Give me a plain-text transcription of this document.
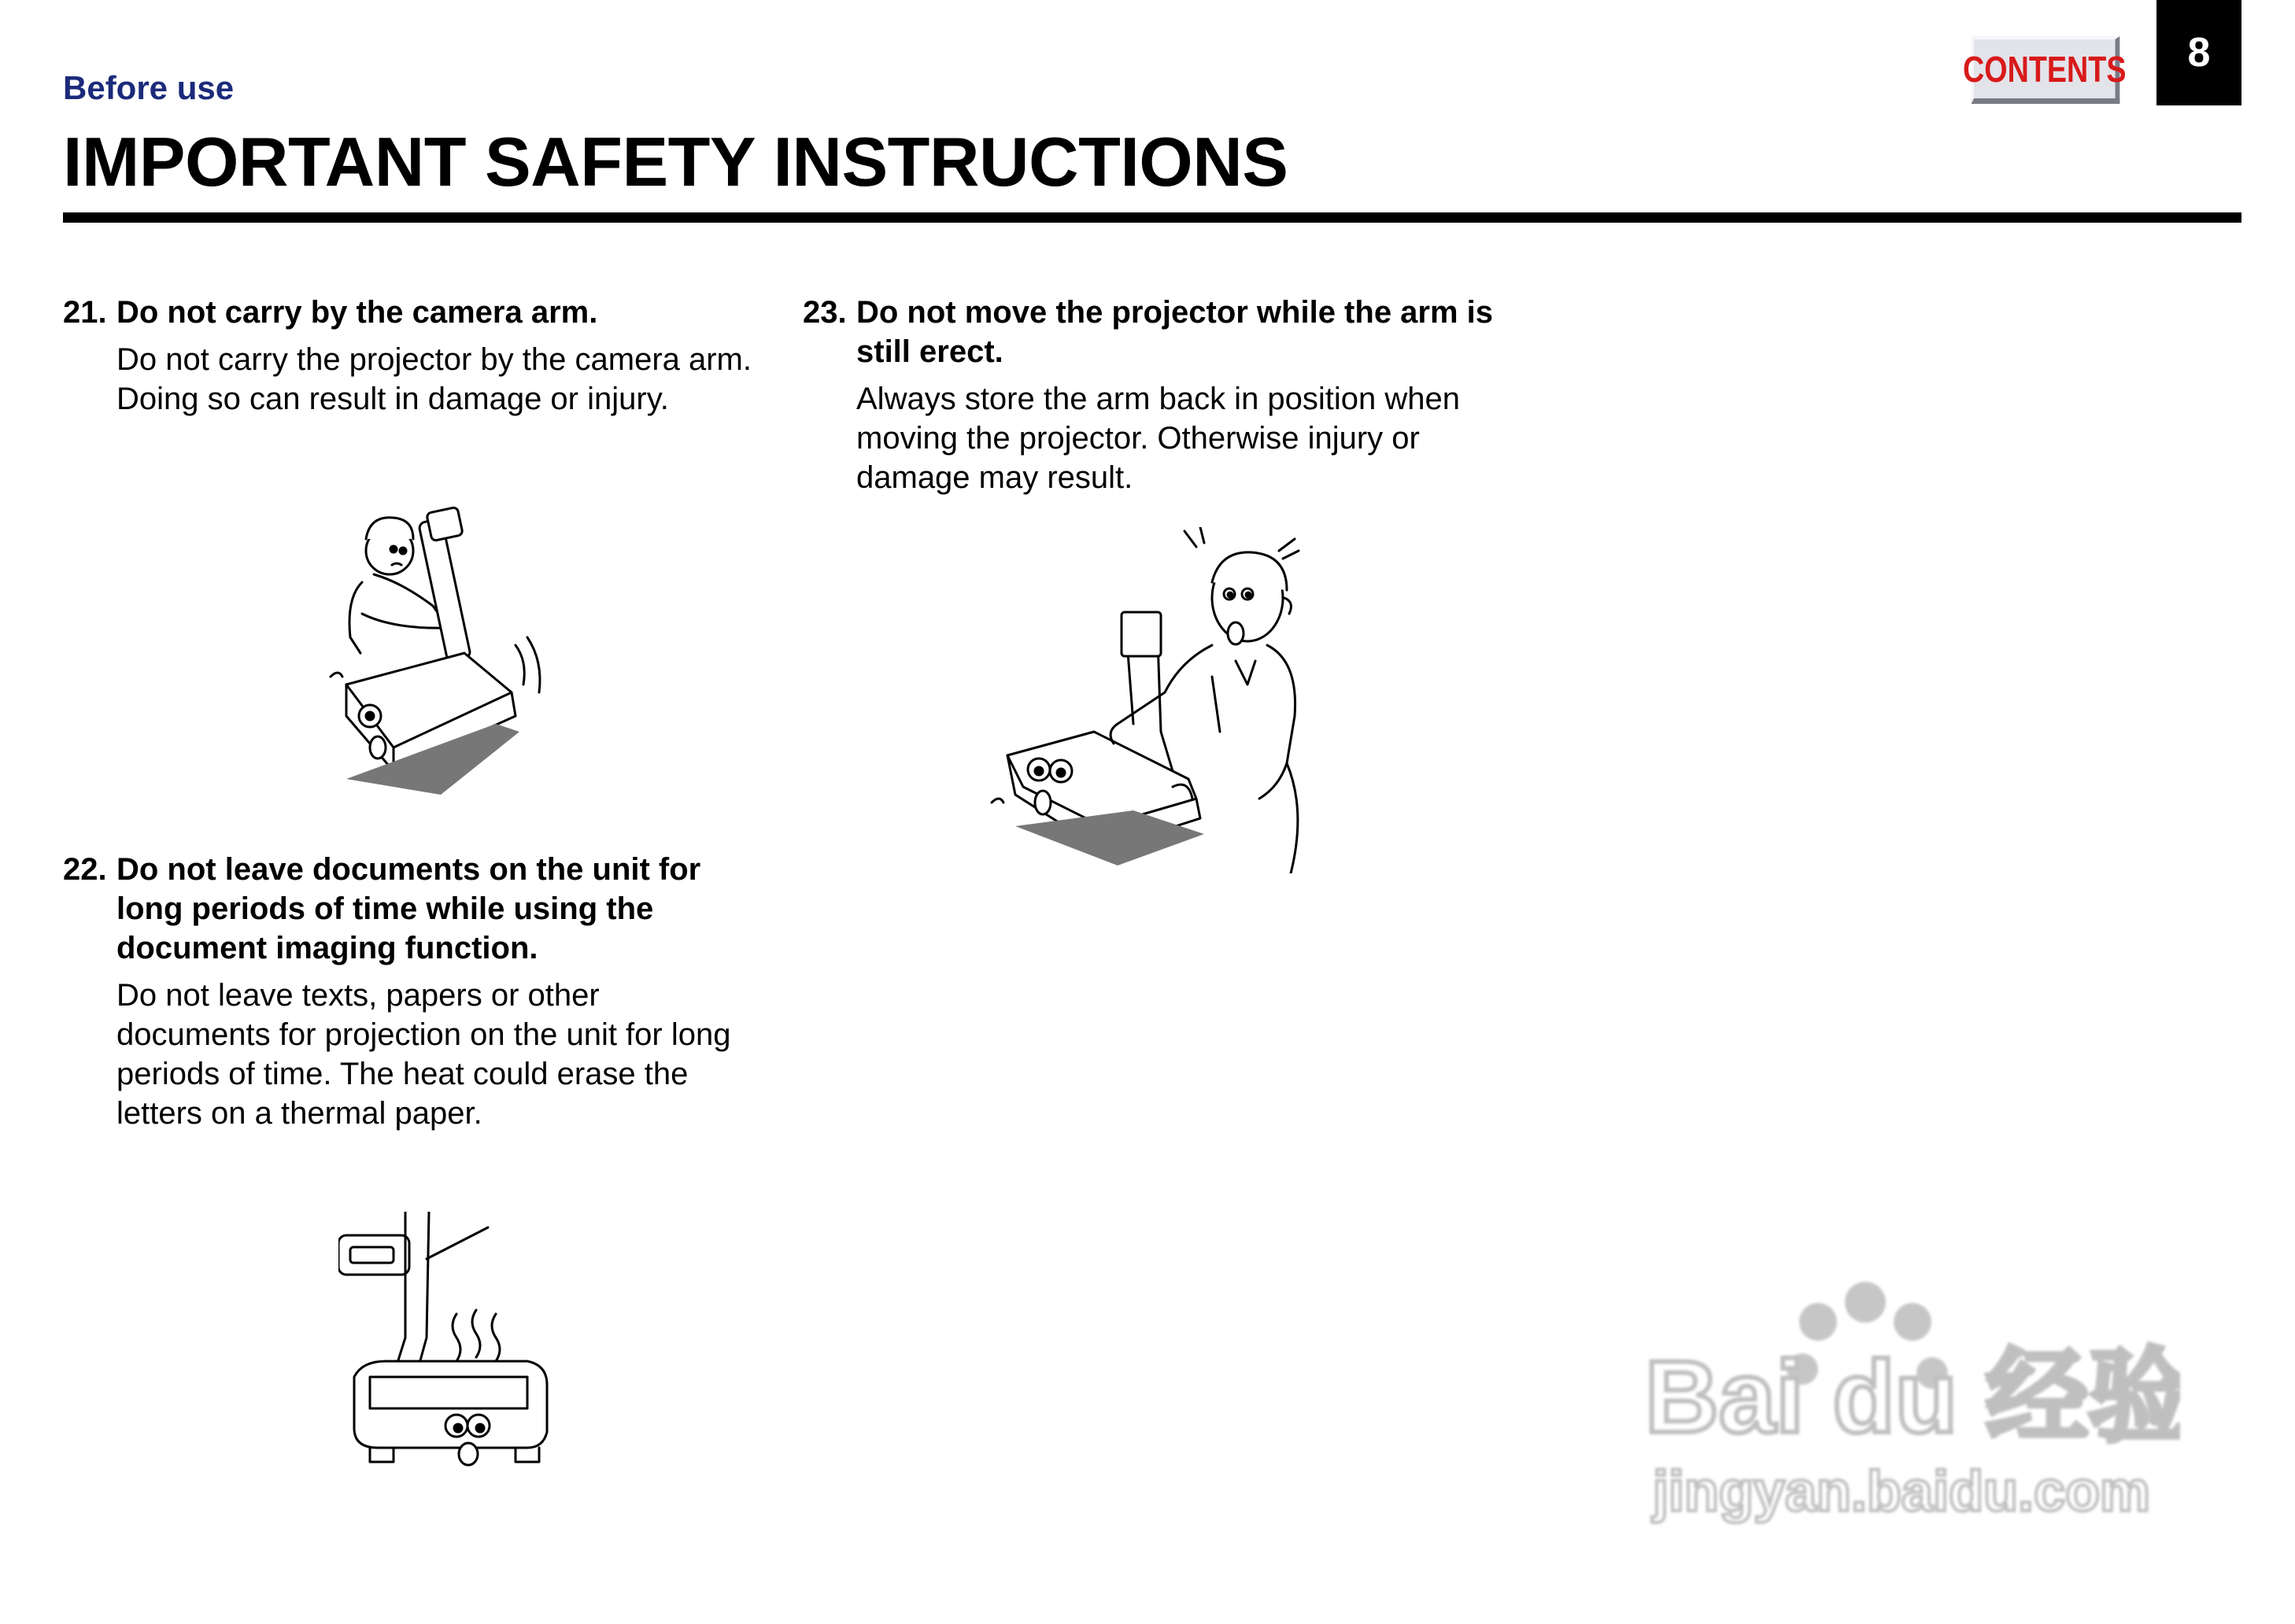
Before use
IMPORTANT SAFETY INSTRUCTIONS
CONTENTS	8
21. Do not carry by the camera arm.
Do not carry the projector by the camera arm.
Doing so can result in damage or injury.
22. Do not leave documents on the unit for long periods of time while using the document imaging function.
Do not leave texts, papers or other documents for projection on the unit for long periods of time. The heat could erase the letters on a thermal paper.
23. Do not move the projector while the arm is still erect.
Always store the arm back in position when moving the projector. Otherwise injury or damage may result.
Bai du 经验
jingyan.baidu.com
